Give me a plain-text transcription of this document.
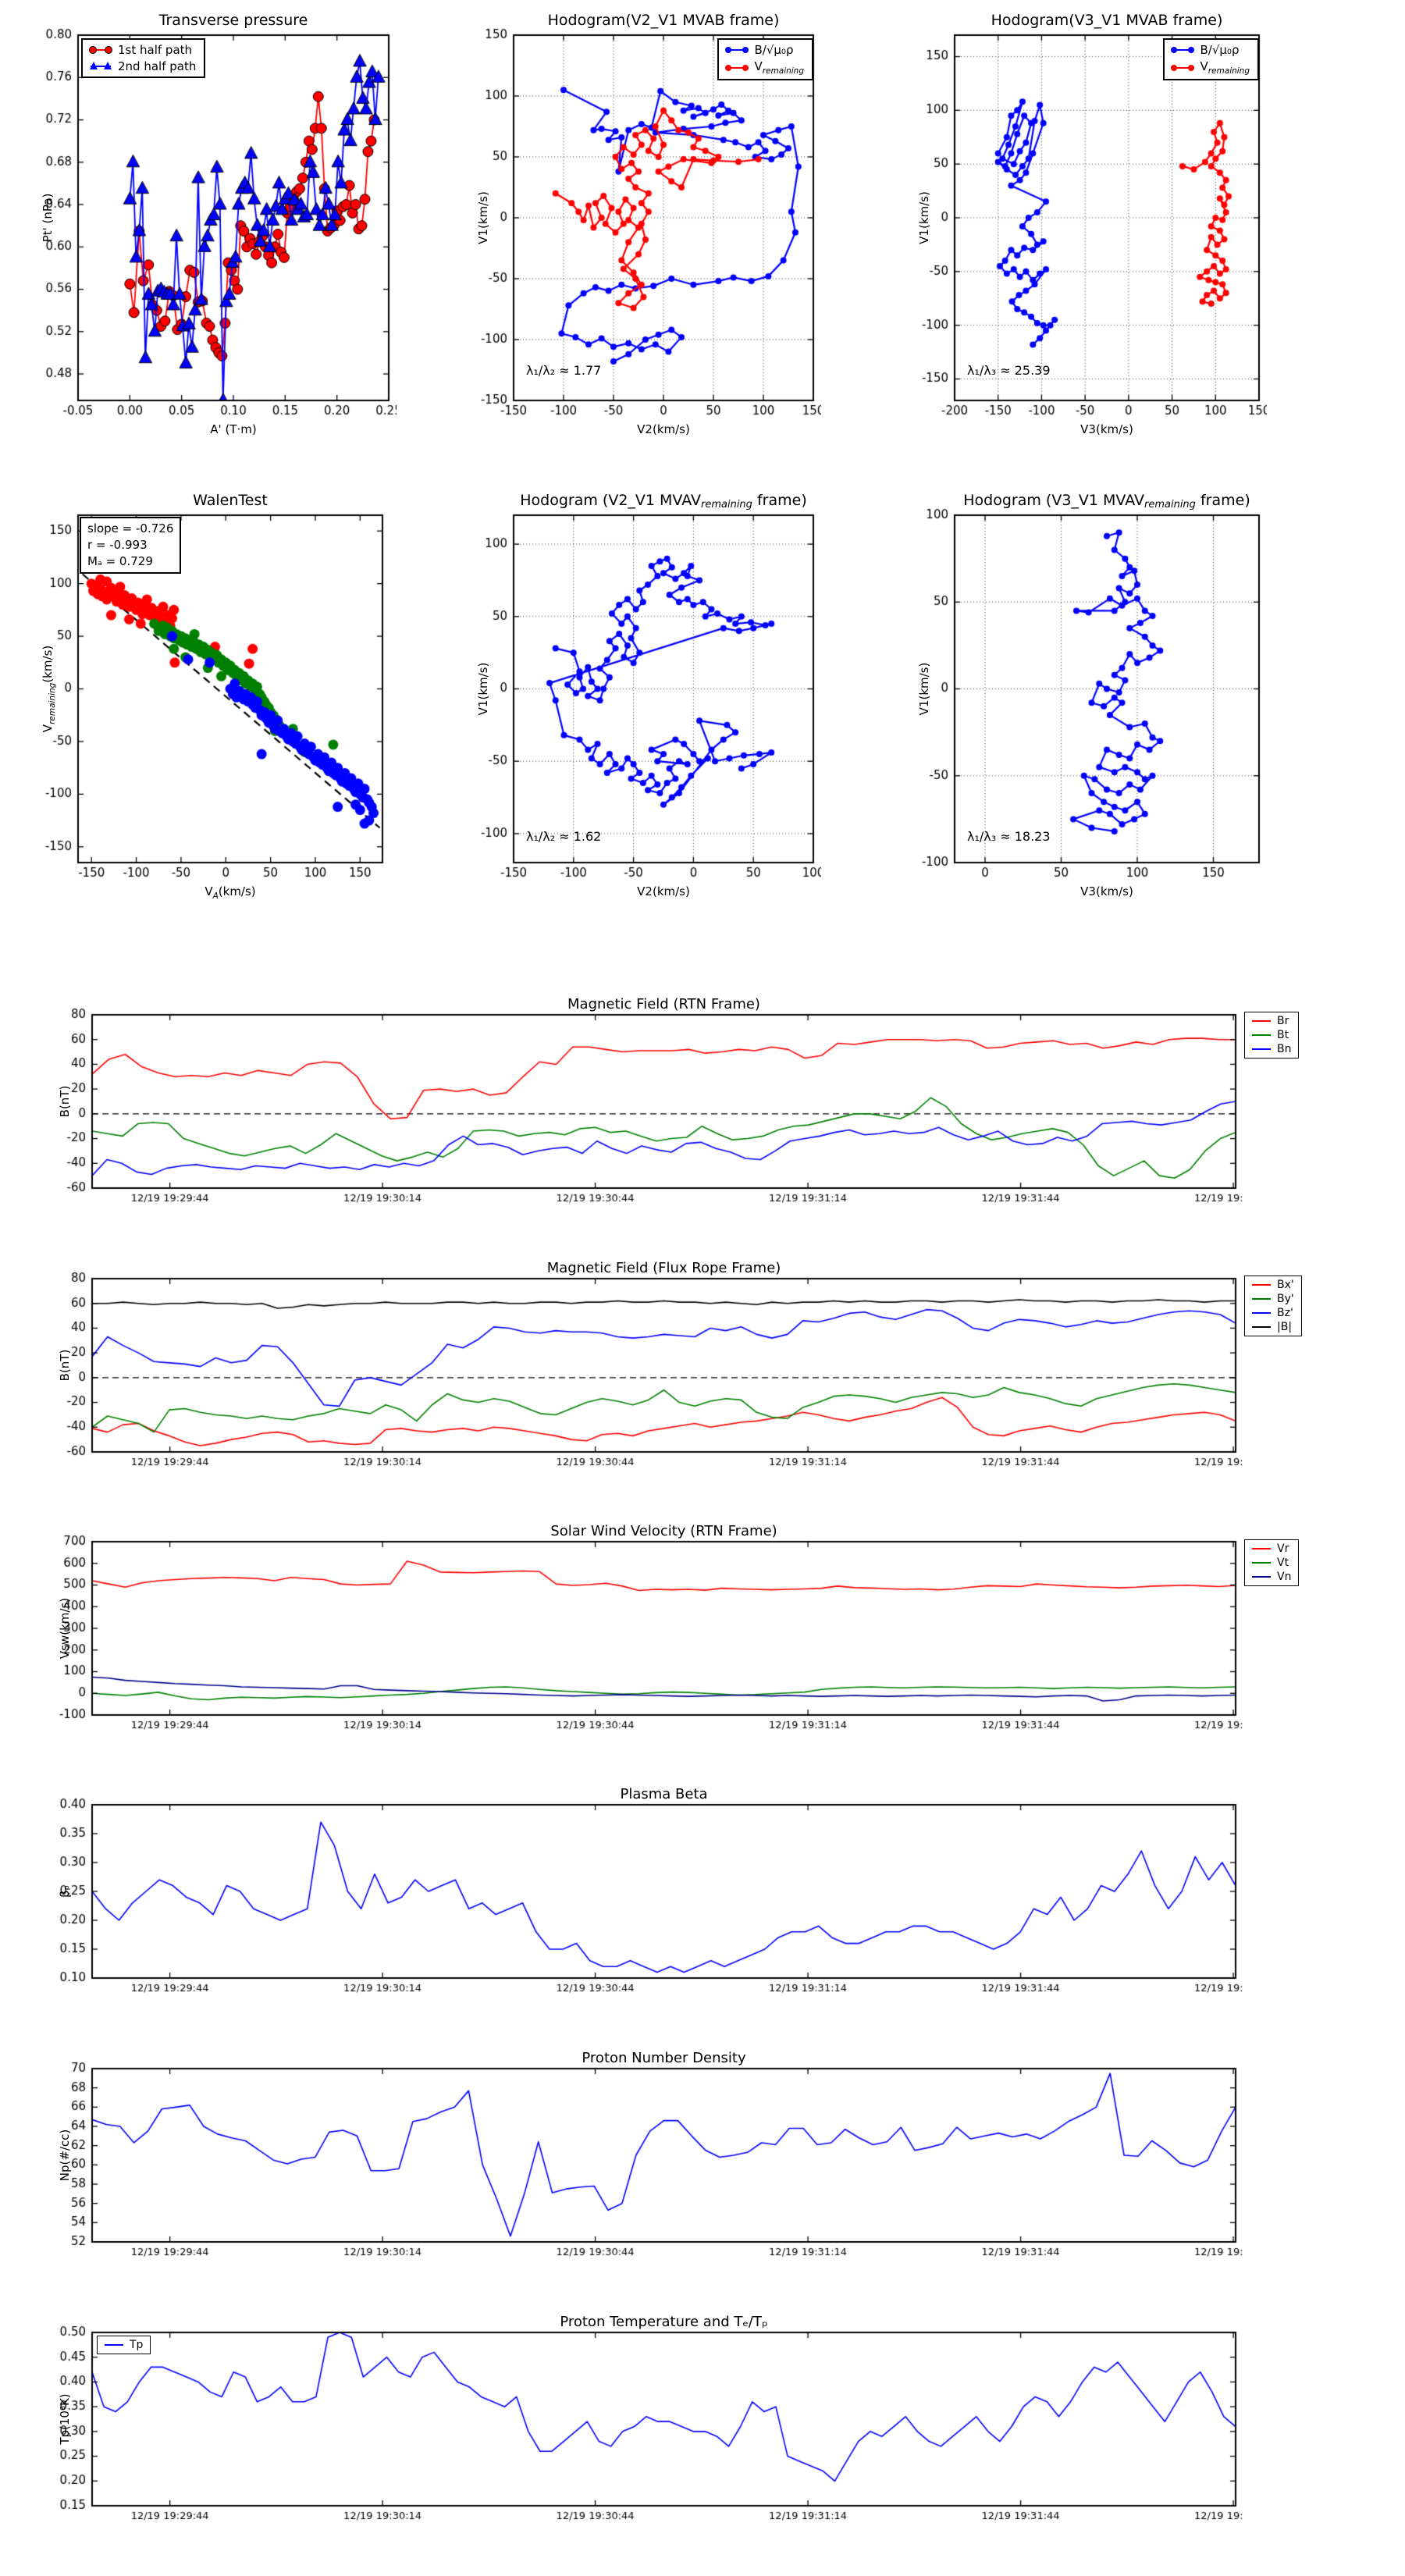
Transverse pressure
Pt' (nPa)
A' (T·m)
1st half path
2nd half path
Hodogram(V2_V1 MVAB frame)
V1(km/s)
V2(km/s)
B/√μ₀ρ
$V_{remaining}$
λ₁/λ₂ ≈ 1.77
Hodogram(V3_V1 MVAB frame)
V1(km/s)
V3(km/s)
B/√μ₀ρ
$V_{remaining}$
λ₁/λ₃ ≈ 25.39
WalenTest
$V_{remaining}(km/s)$
$V_A(km/s)$
slope = -0.726
r = -0.993
Mₐ = 0.729
Hodogram (V2_V1 MVAVremaining frame)
V1(km/s)
V2(km/s)
λ₁/λ₂ ≈ 1.62
Hodogram (V3_V1 MVAVremaining frame)
V1(km/s)
V3(km/s)
λ₁/λ₃ ≈ 18.23
Magnetic Field (RTN Frame)
B(nT)
Magnetic Field (Flux Rope Frame)
B(nT)
Solar Wind Velocity (RTN Frame)
Vsw(km/s)
Plasma Beta
βₚ
Proton Number Density
Np(#/cc)
Proton Temperature and Tₑ/Tₚ
Tp(10⁶K)
Tp
Br
Bt
Bn
Bx'
By'
Bz'
|B|
Vr
Vt
Vn
